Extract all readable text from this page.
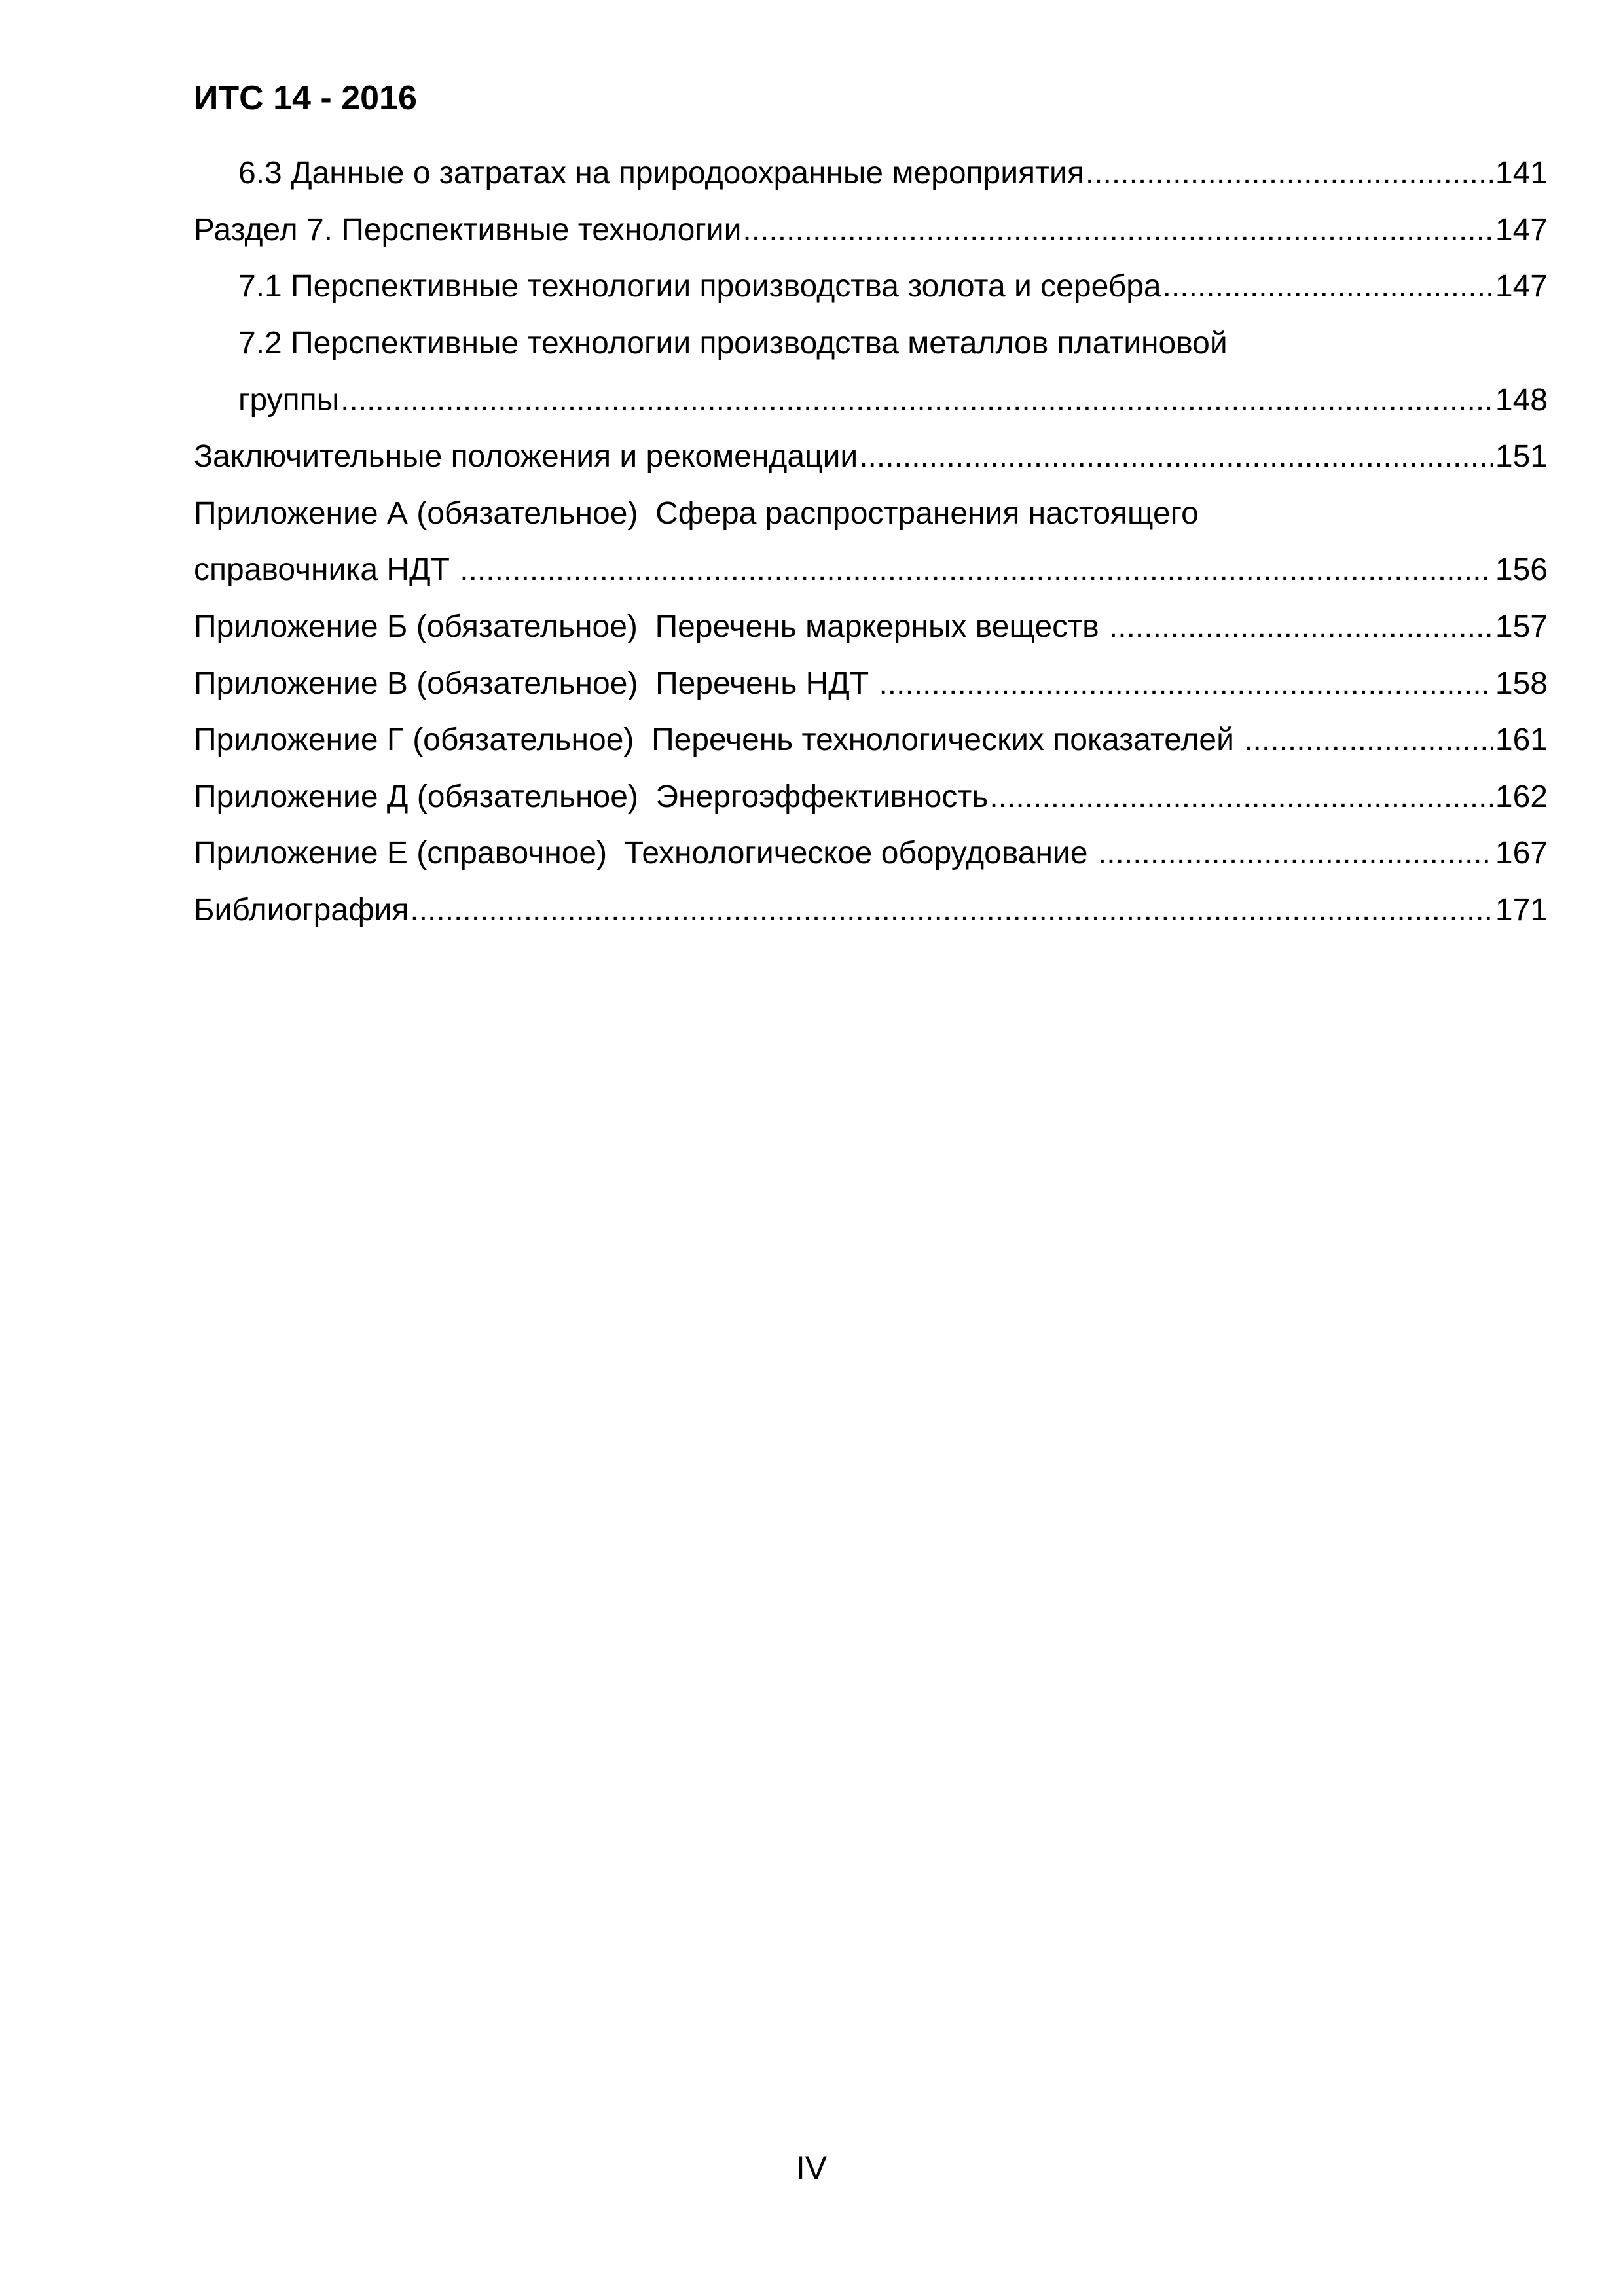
ИТС 14 - 2016
6.3 Данные о затратах на природоохранные мероприятия .....	141
Раздел 7. Перспективные технологии .....	147
7.1 Перспективные технологии производства золота и серебра .....	147
7.2 Перспективные технологии производства металлов платиновой
группы .....	148
Заключительные положения и рекомендации .....	151
Приложение А (обязательное)  Сфера распространения настоящего
справочника НДТ .....	156
Приложение Б (обязательное)  Перечень маркерных веществ .....	157
Приложение В (обязательное)  Перечень НДТ .....	158
Приложение Г (обязательное)  Перечень технологических показателей .....	161
Приложение Д (обязательное)  Энергоэффективность .....	162
Приложение Е (справочное)  Технологическое оборудование .....	167
Библиография .....	171
IV
